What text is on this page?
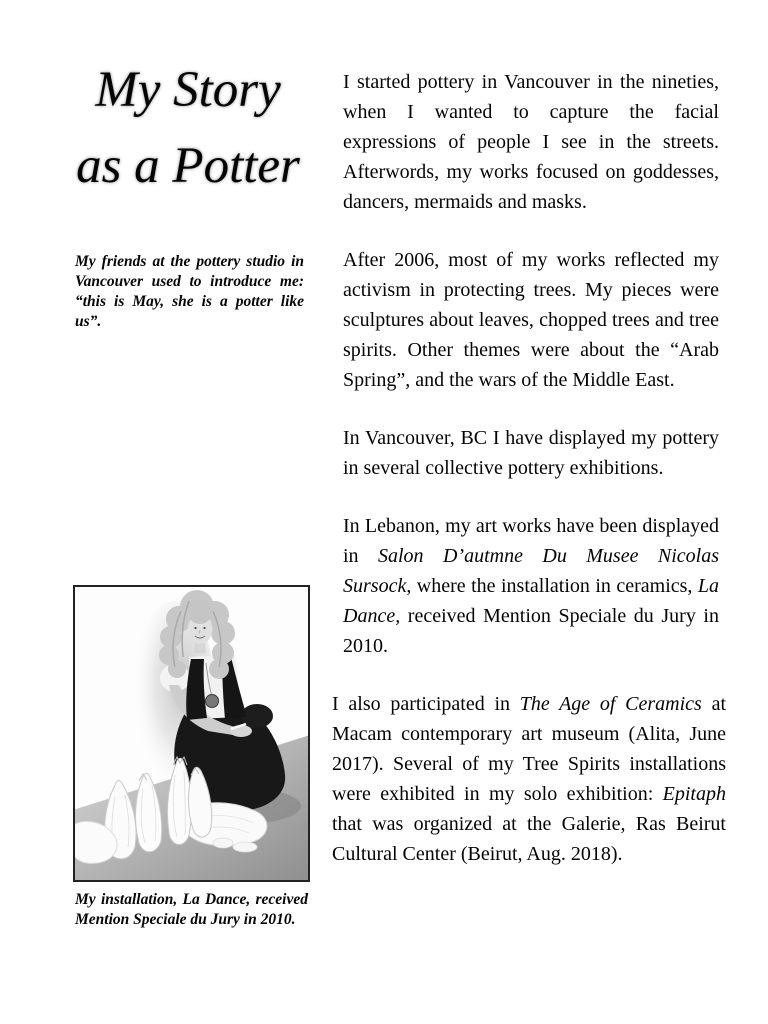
My Story
as a Potter

My friends at the pottery studio in Vancouver used to introduce me: “this is May, she is a potter like us”.

My installation, La Dance, received Mention Speciale du Jury in 2010.

I started pottery in Vancouver in the nineties, when I wanted to capture the facial expressions of people I see in the streets. Afterwords, my works focused on goddesses, dancers, mermaids and masks.

After 2006, most of my works reflected my activism in protecting trees. My pieces were sculptures about leaves, chopped trees and tree spirits. Other themes were about the “Arab Spring”, and the wars of the Middle East.

In Vancouver, BC I have displayed my pottery in several collective pottery exhibitions.

In Lebanon, my art works have been displayed in Salon D’autmne Du Musee Nicolas Sursock, where the installation in ceramics, La Dance, received Mention Speciale du Jury in 2010.

I also participated in The Age of Ceramics at Macam contemporary art museum (Alita, June 2017). Several of my Tree Spirits installations were exhibited in my solo exhibition: Epitaph that was organized at the Galerie, Ras Beirut Cultural Center (Beirut, Aug. 2018).
